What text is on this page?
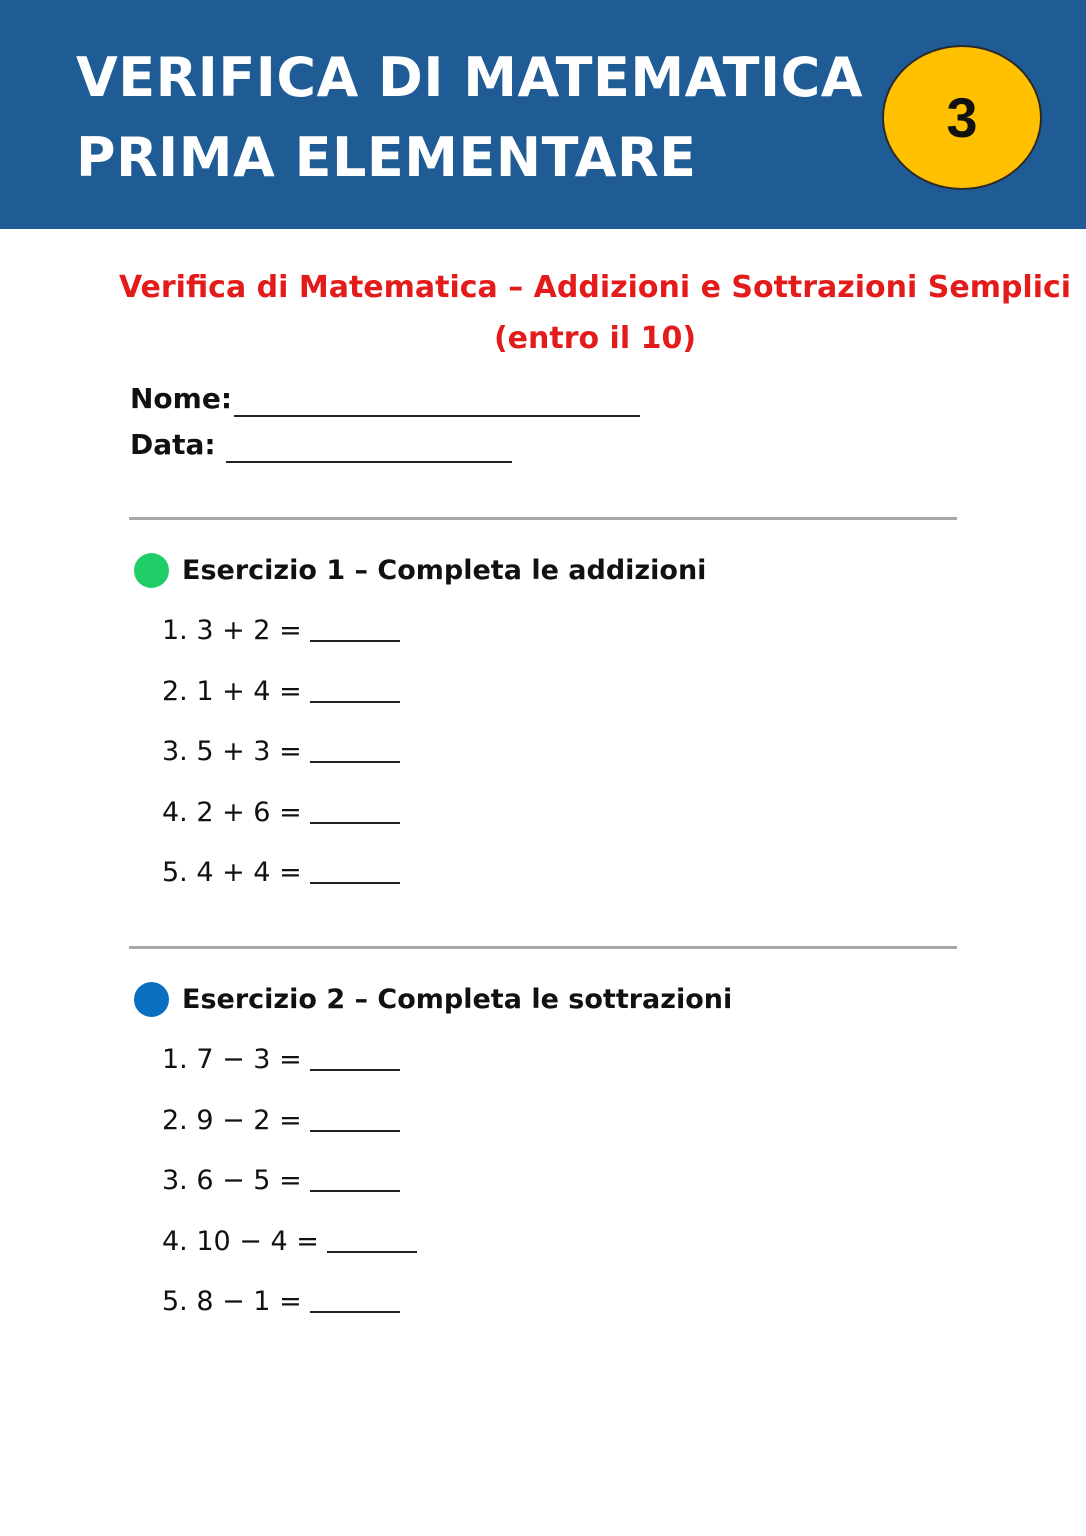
VERIFICA DI MATEMATICA
PRIMA ELEMENTARE
3
Verifica di Matematica – Addizioni e Sottrazioni Semplici
(entro il 10)
Nome:
Data:
Esercizio 1 – Completa le addizioni
1. 3 + 2 =
2. 1 + 4 =
3. 5 + 3 =
4. 2 + 6 =
5. 4 + 4 =
Esercizio 2 – Completa le sottrazioni
1. 7 − 3 =
2. 9 − 2 =
3. 6 − 5 =
4. 10 − 4 =
5. 8 − 1 =
